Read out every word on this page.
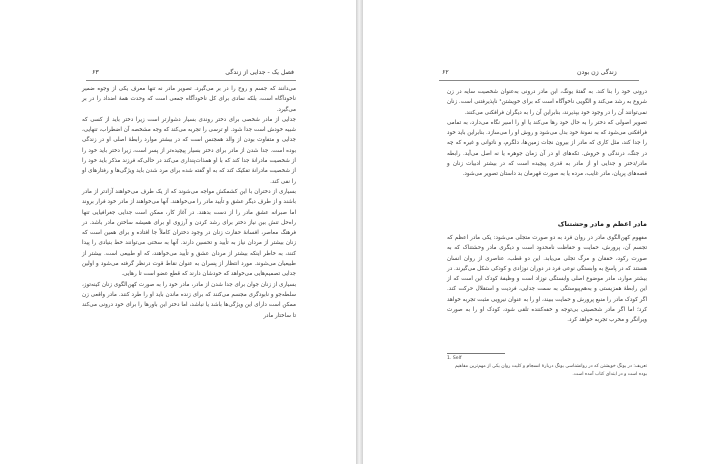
۶۳	فصل یک - جدایی از زندگی

می‌دانند که جسم و روح را در بر می‌گیرد. تصویر مادر نه تنها معرف یکی از وجوه ضمیر ناخودآگاه است، بلکه نمادی برای کل ناخودآگاه جمعی است که وحدت همهٔ اضداد را در بر می‌گیرد.

جدایی از مادر شخصی برای دختر روندی بسیار دشوارتر است زیرا دختر باید از کسی که شبیه خودش است جدا شود. او ترسی را تجربه می‌کند که وجه مشخصه آن اضطراب، تنهایی، جدایی و متفاوت بودن از والد همجنس است که در بیشتر موارد رابطهٔ اصلی او در زندگی بوده است. جدا شدن از مادر برای دختر بسیار پیچیده‌تر از پسر است، زیرا دختر باید خود را از شخصیت مادرانهٔ جدا کند که با او همذات‌پنداری می‌کند در حالی‌که فرزند مذکر باید خود را از شخصیت مادرانهٔ تفکیک کند که به او گفته شده برای مرد شدن باید ویژگی‌ها و رفتارهای او را نفی کند.

بسیاری از دختران با این کشمکش مواجه می‌شوند که از یک طرف می‌خواهند آزادتر از مادر باشند و از طرف دیگر عشق و تأیید مادر را می‌خواهند. آنها می‌خواهند از مادر خود فرار بروند اما صبرانه عشق مادر را از دست بدهند. در آغاز کار، ممکن است جدایی جغرافیایی تنها راه‌حل تنش بین نیاز دختر برای رشد کردن و آرزوی او برای همیشه ساختن مادر باشد. در فرهنگ معاصر، افسانهٔ حقارت زنان در وجود دختران کاملاً جا افتاده و برای همین است که زنان بیشتر از مردان نیاز به تأیید و تحسین دارند. آنها به سختی می‌توانند خط بنیادی را پیدا کنند، به خاطر اینکه بیشتر از مردان عشق و تأیید می‌خواهند، که او طبیعی است. بیشتر از طبیعیان می‌شوند. مورد انتظار از پسران به عنوان نقاط قوت درنظر گرفته می‌شود و اولین جدایی تصمیم‌هایی می‌خواهد که خودشان دارند که قطع عضو است تا رهایی.

بسیاری از زنان جوان برای جدا شدن از مادر، مادر خود را به صورت کهن‌الگوی زنان کینه‌توز، سلطه‌جو و نابودگری مجسم می‌کنند که برای زنده ماندن باید او را طرد کنند. مادر واقعی زن ممکن است دارای این ویژگی‌ها باشد یا نباشد، اما دختر این باورها را برای خود درونی می‌کند تا ساختار مادر

۶۲	زندگی زن بودن

درونی خود را بنا کند. به گفتهٔ یونگ، این مادر درونی به‌عنوان شخصیت سایه در زن شروع به رشد می‌کند و الگویی ناخوآگاه است که برای خویشتن¹ ناپذیرفتنی است. زنان نمی‌توانند آن را در وجود خود بپذیرند، بنابراین آن را به دیگران فرافکنی می‌کنند.

تصویر اصولی که دختر را به حال خود رها می‌کند یا او را اسیر نگاه می‌دارد، به تمامی فرافکنی می‌شود که به نمونهٔ خود بدل می‌شود و روش او را می‌سازد. بنابراین باید خود را جدا کند، مثل کاری که مادر از بیرون نجات زمین‌ها، دلگرم، و ناتوانی و غیره که چه در جنگ، درندگی و خروش. تکه‌های او در آن زمان جوهره یا نه اصل می‌آید. رابطه مادر/دختر و جدایی او از مادر به قدری پیچیده است که در بیشتر ادبیات زنان و قصه‌های پریان، مادر غایب، مرده یا به صورت قهرمان بد داستان تصویر می‌شود.

مادر اعظم و مادر وحشتناک

مفهوم کهن‌الگوی مادر در روان فرد به دو صورت متجلی می‌شود: یکی مادر اعظم که تجسم آن، پرورش، حمایت و حفاظت نامحدود است و دیگری مادر وحشتناک که به صورت رکود، خفقان و مرگ تجلی می‌یابد. این دو قطب، عناصری از روان انسان هستند که در پاسخ به وابستگی نوعی فرد در دوران نوزادی و کودکی شکل می‌گیرند. در بیشتر موارد، مادر موضوع اصلی وابستگی نوزاد است و وظیفهٔ کودک این است که از این رابطهٔ همزیستی و به‌هم‌پیوستگی به سمت جدایی، فردیت و استقلال حرکت کند. اگر کودک مادر را منبع پرورش و حمایت ببیند، او را به عنوان نیرویی مثبت تجربه خواهد کرد؛ اما اگر مادر شخصیتی بی‌توجه و خفه‌کننده تلقی شود، کودک او را به صورت ویرانگر و مخرب تجربه خواهد کرد.

1. Self
تعریف: در یونگ خویشتن که در روانشناسی یونگ دربارهٔ انسجام و کلیت روان یکی از مهم‌ترین مفاهیم بوده است و در ابتدای کتاب آمده است.
